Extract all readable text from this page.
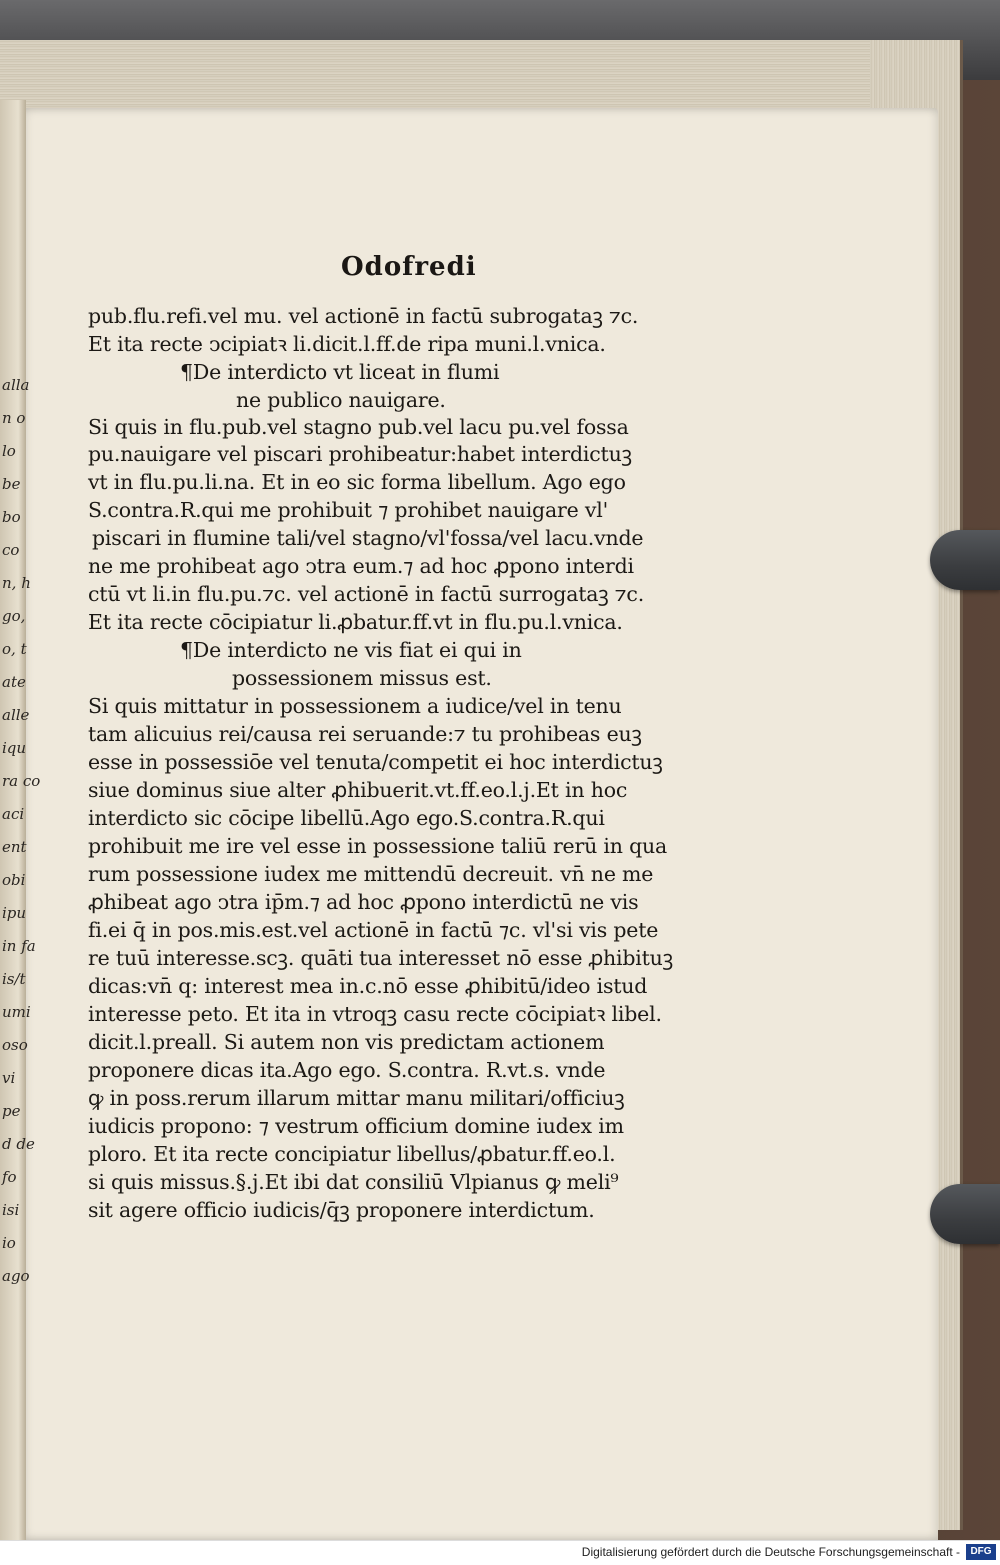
Odofredi
pub.flu.refi.vel mu. vel actionē in factū subrogataꝫ ⁊c.
Et ita recte ↄcipiatꝛ li.dicit.l.ff.de ripa muni.l.vnica.
¶De interdicto vt liceat in flumi
ne publico nauigare.
Si quis in flu.pub.vel stagno pub.vel lacu pu.vel fossa
pu.nauigare vel piscari prohibeatur:habet interdictuꝫ
vt in flu.pu.li.na. Et in eo sic forma libellum. Ago ego
S.contra.R.qui me prohibuit ⁊ prohibet nauigare vl'
piscari in flumine tali/vel stagno/vl'fossa/vel lacu.vnde
ne me prohibeat ago ↄtra eum.⁊ ad hoc ꝓpono interdi
ctū vt li.in flu.pu.⁊c. vel actionē in factū surrogataꝫ ⁊c.
Et ita recte cōcipiatur li.ꝓbatur.ff.vt in flu.pu.l.vnica.
¶De interdicto ne vis fiat ei qui in
possessionem missus est.
Si quis mittatur in possessionem a iudice/vel in tenu
tam alicuius rei/causa rei seruande:⁊ tu prohibeas euꝫ
esse in possessiōe vel tenuta/competit ei hoc interdictuꝫ
siue dominus siue alter ꝓhibuerit.vt.ff.eo.l.j.Et in hoc
interdicto sic cōcipe libellū.Ago ego.S.contra.R.qui
prohibuit me ire vel esse in possessione taliū rerū in qua
rum possessione iudex me mittendū decreuit. vn̄ ne me
ꝓhibeat ago ↄtra ip̄m.⁊ ad hoc ꝓpono interdictū ne vis
fi.ei q̄ in pos.mis.est.vel actionē in factū ⁊c. vl'si vis pete
re tuū interesse.scꝫ. quāti tua interesset nō esse ꝓhibituꝫ
dicas:vn̄ q: interest mea in.c.nō esse ꝓhibitū/ideo istud
interesse peto. Et ita in vtroqꝫ casu recte cōcipiatꝛ libel.
dicit.l.preall. Si autem non vis predictam actionem
proponere dicas ita.Ago ego. S.contra. R.vt.s. vnde
ꝙ in poss.rerum illarum mittar manu militari/officiuꝫ
iudicis propono: ⁊ vestrum officium domine iudex im
ploro. Et ita recte concipiatur libellus/ꝓbatur.ff.eo.l.
si quis missus.§.j.Et ibi dat consiliū Vlpianus ꝙ meli⁹
sit agere officio iudicis/q̄ꝫ proponere interdictum.
alla
n o
lo
be
bo
co
n, h
go,
o, t
ate
alle
iqu
ra co
aci
ent
obi
ipu
in fa
is/t
umi
oso
vi
pe
d de
fo
isi
io
ago
Digitalisierung gefördert durch die Deutsche Forschungsgemeinschaft -	DFG
